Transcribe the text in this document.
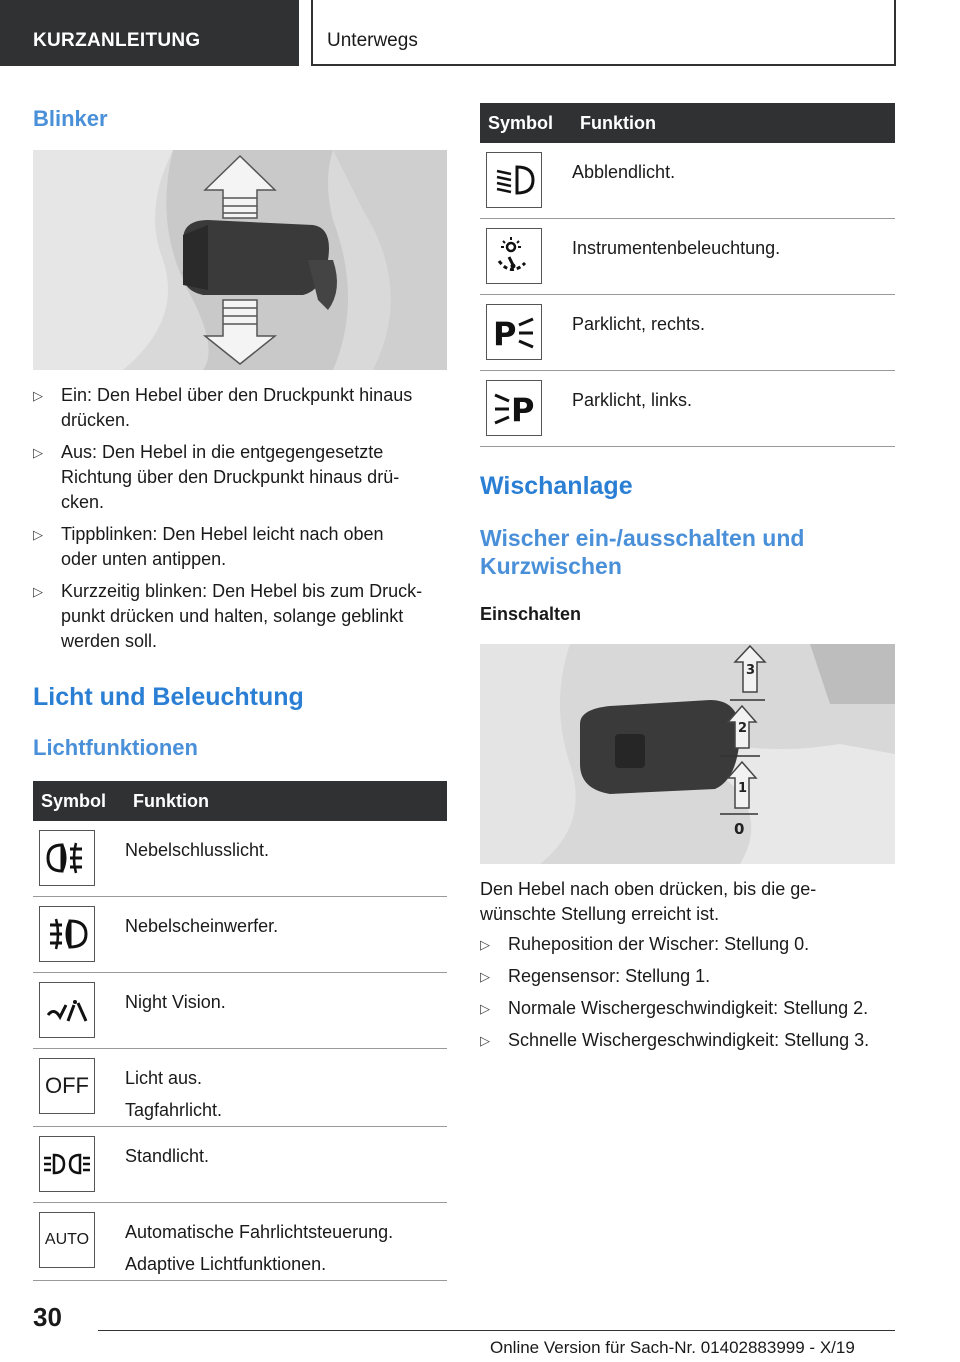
KURZANLEITUNG	Unterwegs
Blinker
▷ Ein: Den Hebel über den Druckpunkt hinaus
drücken.
▷ Aus: Den Hebel in die entgegengesetzte
Richtung über den Druckpunkt hinaus drü-
cken.
▷ Tippblinken: Den Hebel leicht nach oben
oder unten antippen.
▷ Kurzzeitig blinken: Den Hebel bis zum Druck-
punkt drücken und halten, solange geblinkt
werden soll.
Licht und Beleuchtung
Lichtfunktionen
Symbol	Funktion

Nebelschlusslicht.

Nebelscheinwerfer.

Night Vision.

OFF	Licht aus.
Tagfahrlicht.

Standlicht.

AUTO	Automatische Fahrlichtsteuerung.
Adaptive Lichtfunktionen.
Symbol	Funktion

Abblendlicht.

Instrumentenbeleuchtung.

P	Parklicht, rechts.

P	Parklicht, links.
Wischanlage
Wischer ein-/ausschalten und
Kurzwischen
Einschalten
3
2
1
0

Den Hebel nach oben drücken, bis die ge-
wünschte Stellung erreicht ist.

▷ Ruheposition der Wischer: Stellung 0.
▷ Regensensor: Stellung 1.
▷ Normale Wischergeschwindigkeit: Stellung 2.
▷ Schnelle Wischergeschwindigkeit: Stellung 3.
30
Online Version für Sach-Nr. 01402883999 - X/19
